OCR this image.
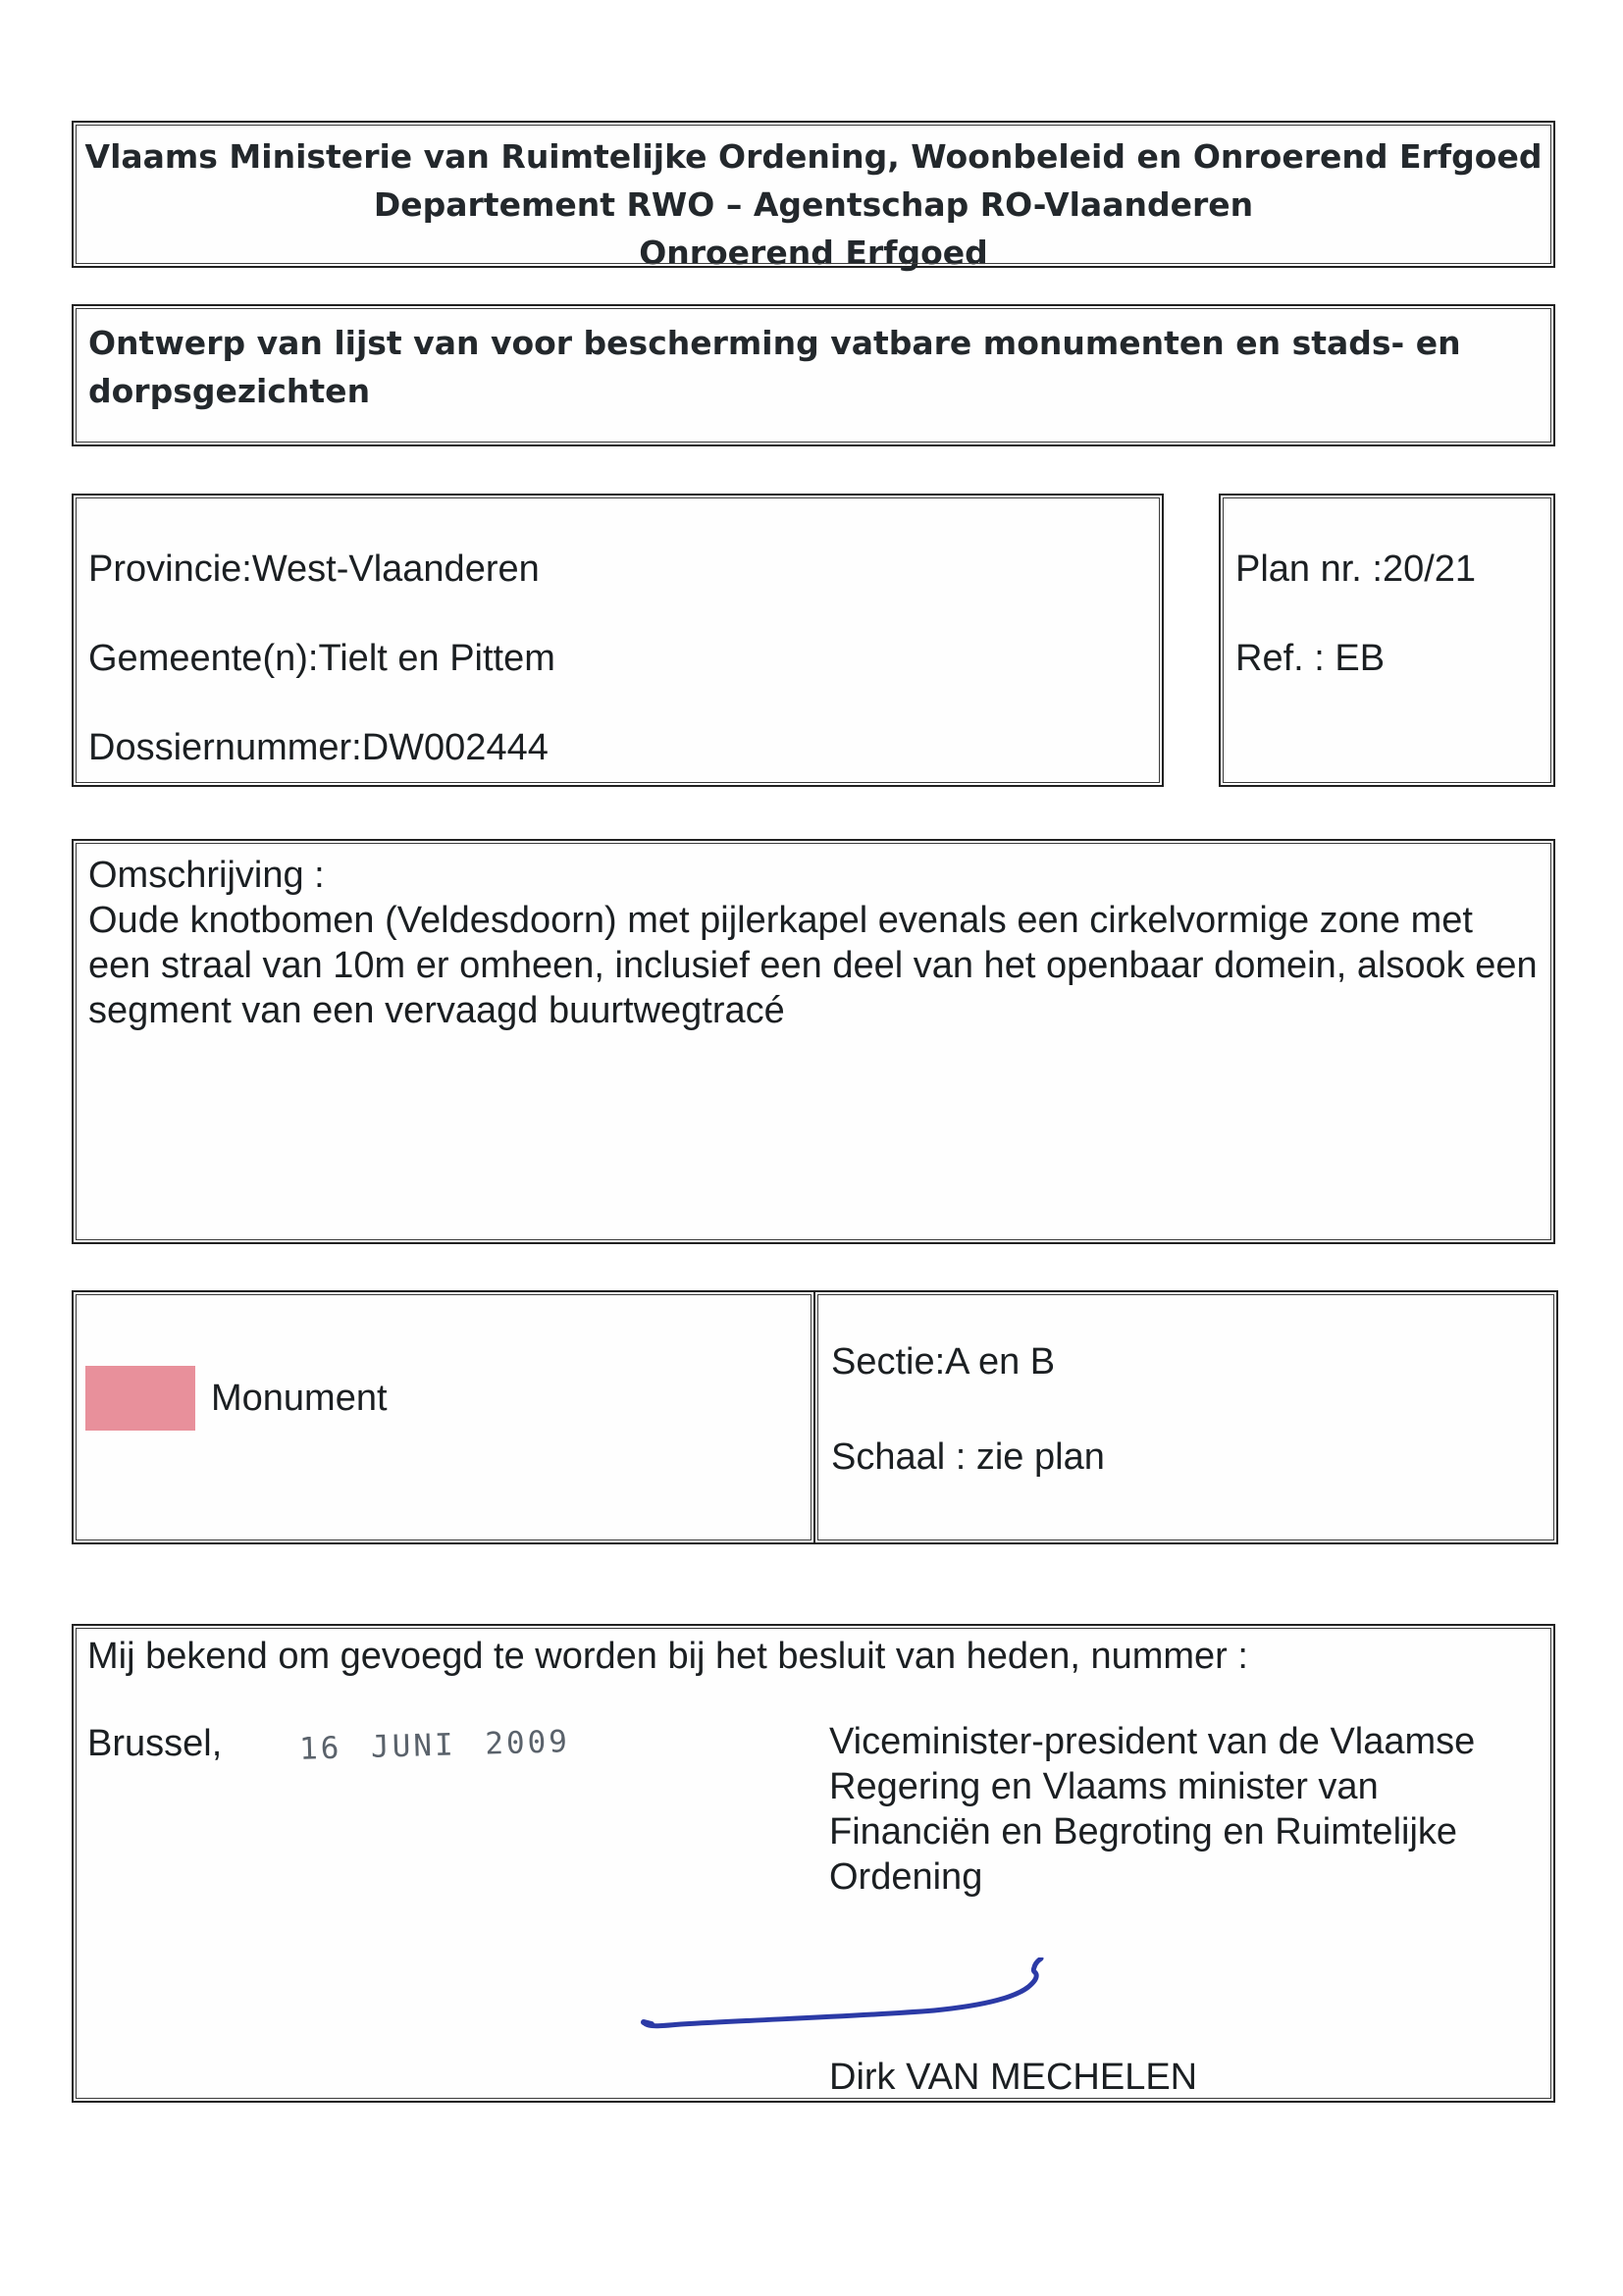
Vlaams Ministerie van Ruimtelijke Ordening, Woonbeleid en Onroerend Erfgoed
Departement RWO – Agentschap RO-Vlaanderen
Onroerend Erfgoed
Ontwerp van lijst van voor bescherming vatbare monumenten en stads- en dorpsgezichten
Provincie:West-Vlaanderen
Gemeente(n):Tielt en Pittem
Dossiernummer:DW002444
Plan nr. :20/21
Ref. : EB
Omschrijving :
Oude knotbomen (Veldesdoorn) met pijlerkapel evenals een cirkelvormige zone met een straal van 10m er omheen, inclusief een deel van het openbaar domein, alsook een segment van een vervaagd buurtwegtracé
Monument
Sectie:A en B
Schaal : zie plan
Mij bekend om gevoegd te worden bij het besluit van heden, nummer :
Brussel,	16 JUNI 2009	Viceminister-president van de Vlaamse Regering en Vlaams minister van Financiën en Begroting en Ruimtelijke Ordening
Dirk VAN MECHELEN
